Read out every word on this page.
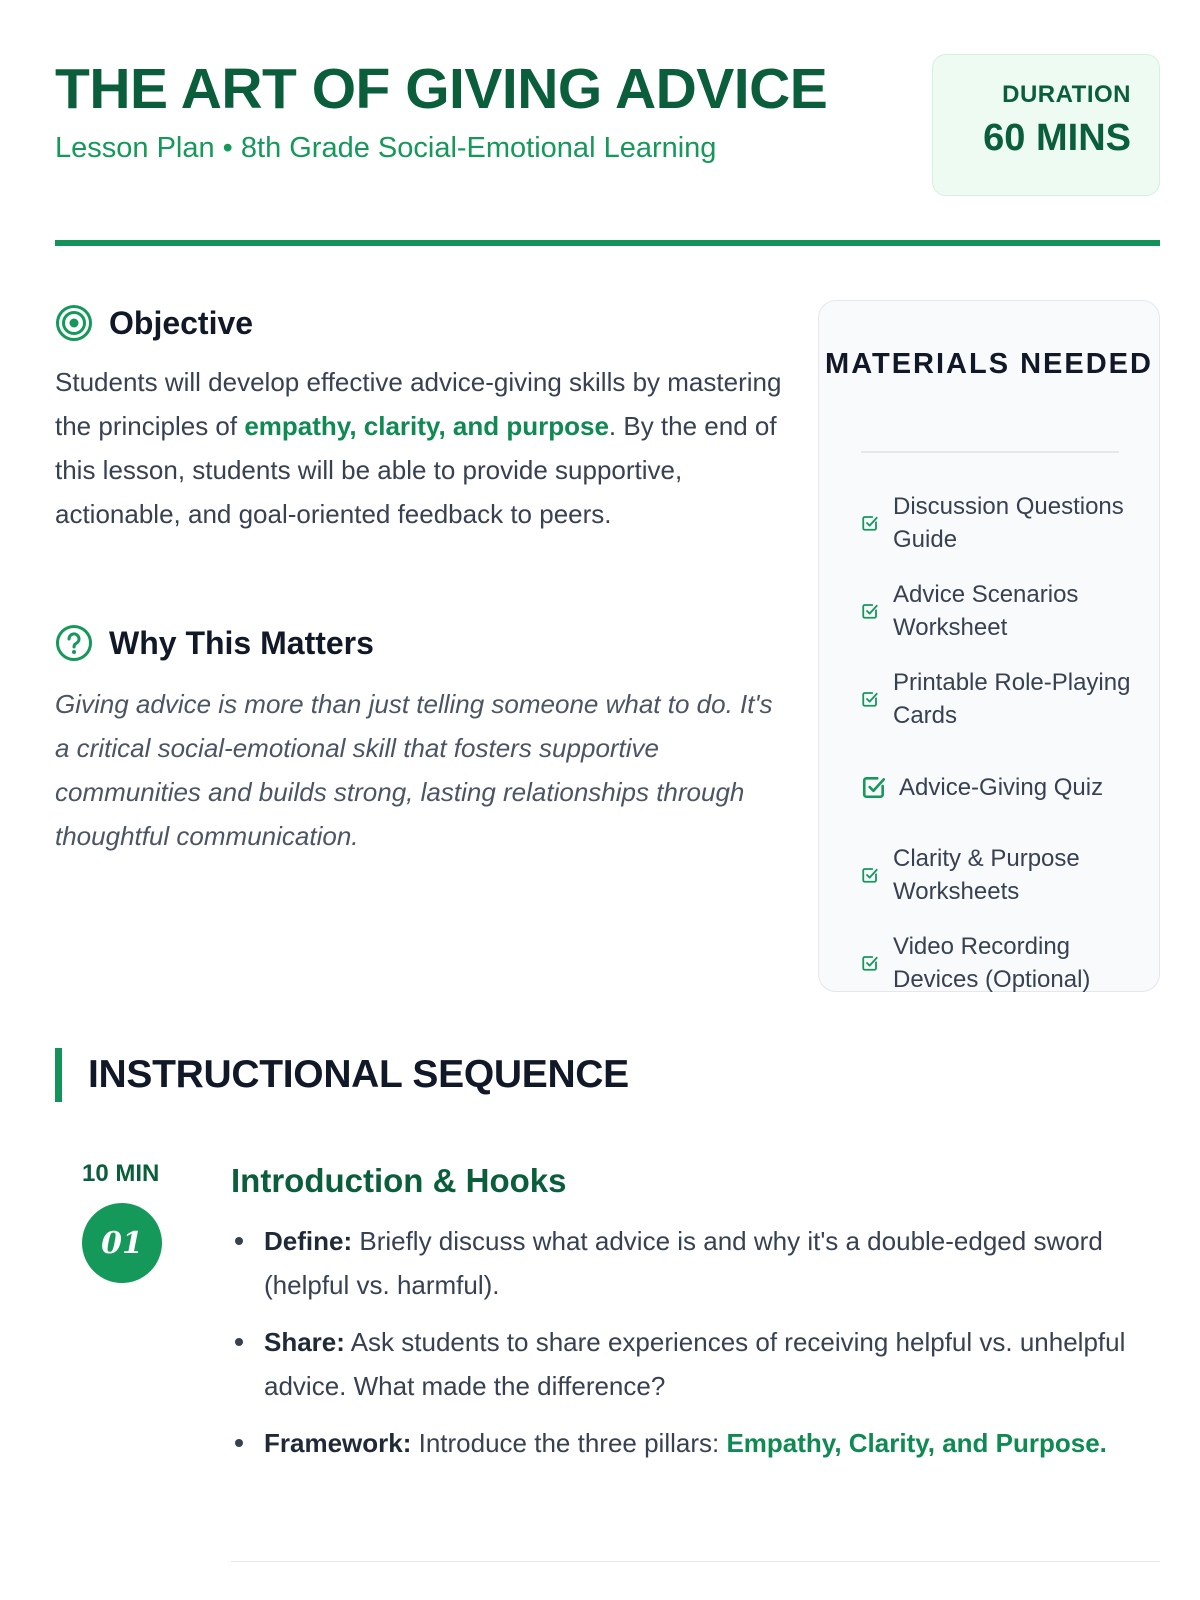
THE ART OF GIVING ADVICE
Lesson Plan • 8th Grade Social-Emotional Learning
DURATION
60 MINS
Objective

Students will develop effective advice-giving skills by mastering the principles of empathy, clarity, and purpose. By the end of this lesson, students will be able to provide supportive, actionable, and goal-oriented feedback to peers.

Why This Matters

Giving advice is more than just telling someone what to do. It's a critical social-emotional skill that fosters supportive communities and builds strong, lasting relationships through thoughtful communication.

MATERIALS NEEDED
Discussion Questions Guide
Advice Scenarios Worksheet
Printable Role-Playing Cards
Advice-Giving Quiz
Clarity & Purpose Worksheets
Video Recording Devices (Optional)
INSTRUCTIONAL SEQUENCE
10 MIN
01
Introduction & Hooks
Define: Briefly discuss what advice is and why it's a double-edged sword (helpful vs. harmful).
Share: Ask students to share experiences of receiving helpful vs. unhelpful advice. What made the difference?
Framework: Introduce the three pillars: Empathy, Clarity, and Purpose.
